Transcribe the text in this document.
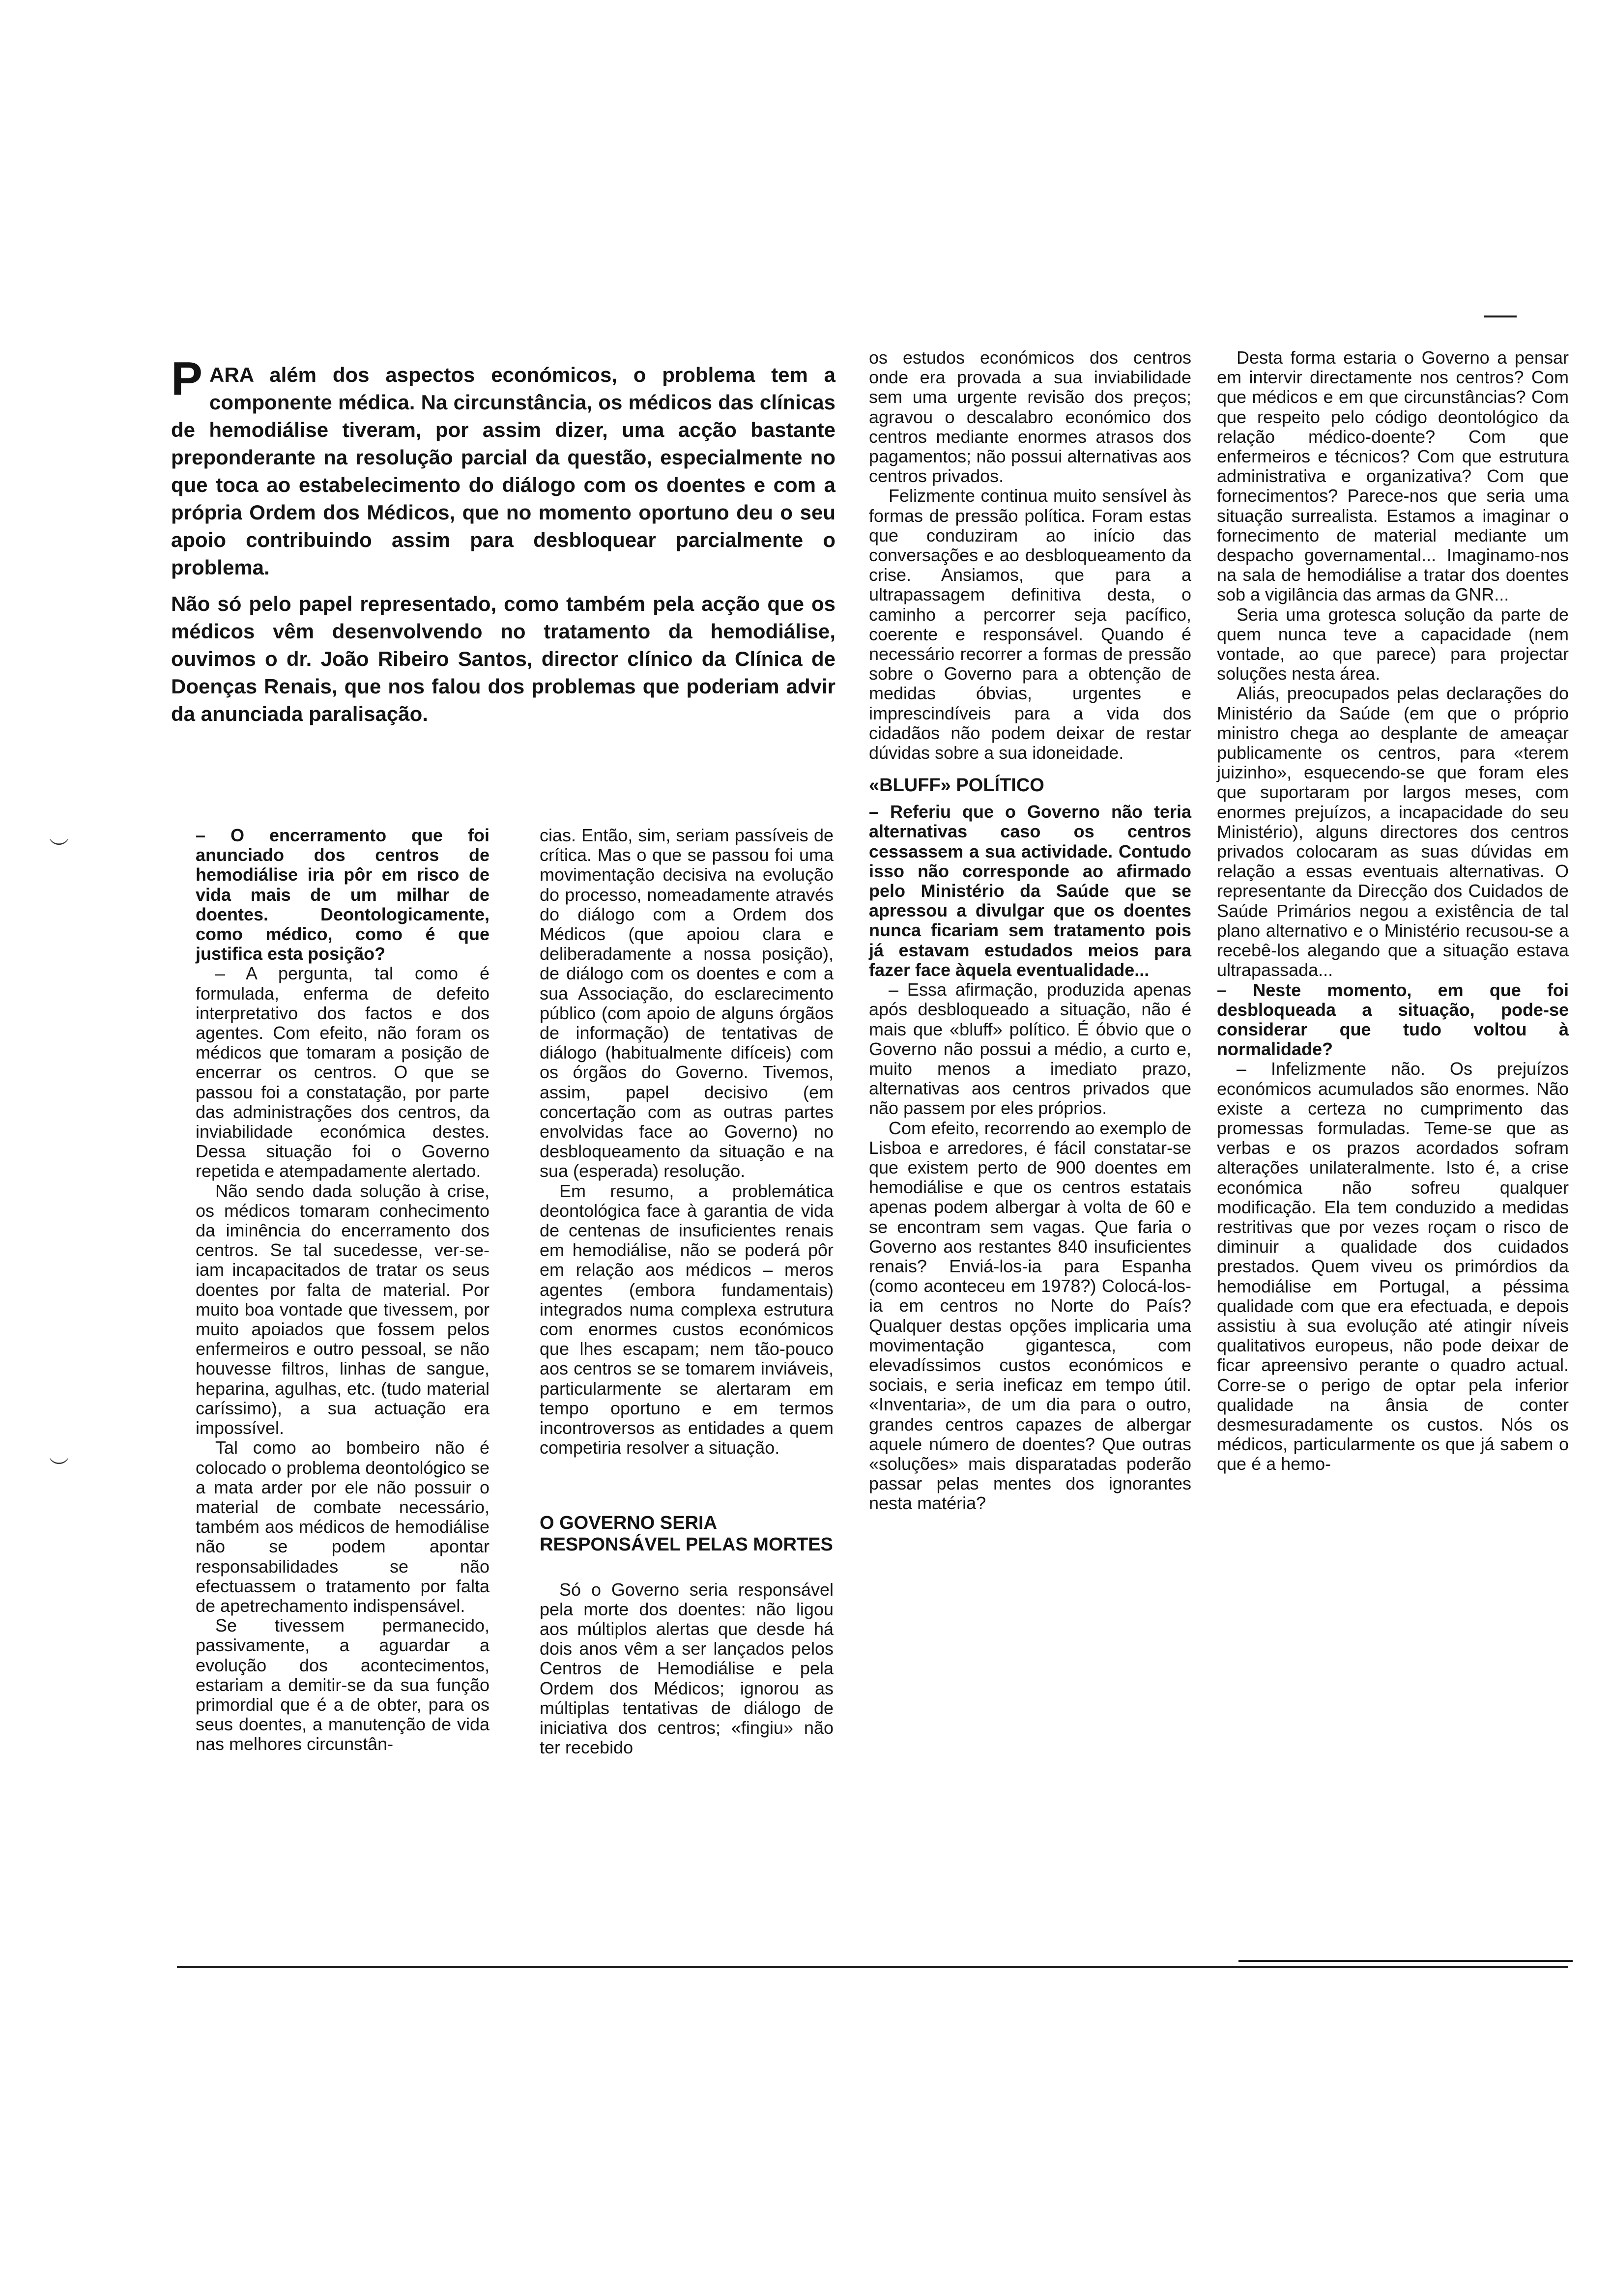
︶
︶

PARA além dos aspectos económicos, o problema tem a componente médica. Na circunstância, os médicos das clínicas de hemodiálise tiveram, por assim dizer, uma acção bastante preponderante na resolução parcial da questão, especialmente no que toca ao estabelecimento do diálogo com os doentes e com a própria Ordem dos Médicos, que no momento oportuno deu o seu apoio contribuindo assim para desbloquear parcialmente o problema.

Não só pelo papel representado, como também pela acção que os médicos vêm desenvolvendo no tratamento da hemodiálise, ouvimos o dr. João Ribeiro Santos, director clínico da Clínica de Doenças Renais, que nos falou dos problemas que poderiam advir da anunciada paralisação.

– O encerramento que foi anunciado dos centros de hemodiálise iria pôr em risco de vida mais de um milhar de doentes. Deontologicamente, como médico, como é que justifica esta posição?

– A pergunta, tal como é formulada, enferma de defeito interpretativo dos factos e dos agentes. Com efeito, não foram os médicos que tomaram a posição de encerrar os centros. O que se passou foi a constatação, por parte das administrações dos centros, da inviabilidade económica destes. Dessa situação foi o Governo repetida e atempadamente alertado.

Não sendo dada solução à crise, os médicos tomaram conhecimento da iminência do encerramento dos centros. Se tal sucedesse, ver-se-iam incapacitados de tratar os seus doentes por falta de material. Por muito boa vontade que tivessem, por muito apoiados que fossem pelos enfermeiros e outro pessoal, se não houvesse filtros, linhas de sangue, heparina, agulhas, etc. (tudo material caríssimo), a sua actuação era impossível.

Tal como ao bombeiro não é colocado o problema deontológico se a mata arder por ele não possuir o material de combate necessário, também aos médicos de hemodiálise não se podem apontar responsabilidades se não efectuassem o tratamento por falta de apetrechamento indispensável.

Se tivessem permanecido, passivamente, a aguardar a evolução dos acontecimentos, estariam a demitir-se da sua função primordial que é a de obter, para os seus doentes, a manutenção de vida nas melhores circunstân-

cias. Então, sim, seriam passíveis de crítica. Mas o que se passou foi uma movimentação decisiva na evolução do processo, nomeadamente através do diálogo com a Ordem dos Médicos (que apoiou clara e deliberadamente a nossa posição), de diálogo com os doentes e com a sua Associação, do esclarecimento público (com apoio de alguns órgãos de informação) de tentativas de diálogo (habitualmente difíceis) com os órgãos do Governo. Tivemos, assim, papel decisivo (em concertação com as outras partes envolvidas face ao Governo) no desbloqueamento da situação e na sua (esperada) resolução.

Em resumo, a problemática deontológica face à garantia de vida de centenas de insuficientes renais em hemodiálise, não se poderá pôr em relação aos médicos – meros agentes (embora fundamentais) integrados numa complexa estrutura com enormes custos económicos que lhes escapam; nem tão-pouco aos centros se se tomarem inviáveis, particularmente se alertaram em tempo oportuno e em termos incontroversos as entidades a quem competiria resolver a situação.

O GOVERNO SERIA RESPONSÁVEL PELAS MORTES

Só o Governo seria responsável pela morte dos doentes: não ligou aos múltiplos alertas que desde há dois anos vêm a ser lançados pelos Centros de Hemodiálise e pela Ordem dos Médicos; ignorou as múltiplas tentativas de diálogo de iniciativa dos centros; «fingiu» não ter recebido

os estudos económicos dos centros onde era provada a sua inviabilidade sem uma urgente revisão dos preços; agravou o descalabro económico dos centros mediante enormes atrasos dos pagamentos; não possui alternativas aos centros privados.

Felizmente continua muito sensível às formas de pressão política. Foram estas que conduziram ao início das conversações e ao desbloqueamento da crise. Ansiamos, que para a ultrapassagem definitiva desta, o caminho a percorrer seja pacífico, coerente e responsável. Quando é necessário recorrer a formas de pressão sobre o Governo para a obtenção de medidas óbvias, urgentes e imprescindíveis para a vida dos cidadãos não podem deixar de restar dúvidas sobre a sua idoneidade.

«BLUFF» POLÍTICO

– Referiu que o Governo não teria alternativas caso os centros cessassem a sua actividade. Contudo isso não corresponde ao afirmado pelo Ministério da Saúde que se apressou a divulgar que os doentes nunca ficariam sem tratamento pois já estavam estudados meios para fazer face àquela eventualidade...

– Essa afirmação, produzida apenas após desbloqueado a situação, não é mais que «bluff» político. É óbvio que o Governo não possui a médio, a curto e, muito menos a imediato prazo, alternativas aos centros privados que não passem por eles próprios.

Com efeito, recorrendo ao exemplo de Lisboa e arredores, é fácil constatar-se que existem perto de 900 doentes em hemodiálise e que os centros estatais apenas podem albergar à volta de 60 e se encontram sem vagas. Que faria o Governo aos restantes 840 insuficientes renais? Enviá-los-ia para Espanha (como aconteceu em 1978?) Colocá-los-ia em centros no Norte do País? Qualquer destas opções implicaria uma movimentação gigantesca, com elevadíssimos custos económicos e sociais, e seria ineficaz em tempo útil. «Inventaria», de um dia para o outro, grandes centros capazes de albergar aquele número de doentes? Que outras «soluções» mais disparatadas poderão passar pelas mentes dos ignorantes nesta matéria?

Desta forma estaria o Governo a pensar em intervir directamente nos centros? Com que médicos e em que circunstâncias? Com que respeito pelo código deontológico da relação médico-doente? Com que enfermeiros e técnicos? Com que estrutura administrativa e organizativa? Com que fornecimentos? Parece-nos que seria uma situação surrealista. Estamos a imaginar o fornecimento de material mediante um despacho governamental... Imaginamo-nos na sala de hemodiálise a tratar dos doentes sob a vigilância das armas da GNR...

Seria uma grotesca solução da parte de quem nunca teve a capacidade (nem vontade, ao que parece) para projectar soluções nesta área.

Aliás, preocupados pelas declarações do Ministério da Saúde (em que o próprio ministro chega ao desplante de ameaçar publicamente os centros, para «terem juizinho», esquecendo-se que foram eles que suportaram por largos meses, com enormes prejuízos, a incapacidade do seu Ministério), alguns directores dos centros privados colocaram as suas dúvidas em relação a essas eventuais alternativas. O representante da Direcção dos Cuidados de Saúde Primários negou a existência de tal plano alternativo e o Ministério recusou-se a recebê-los alegando que a situação estava ultrapassada...

– Neste momento, em que foi desbloqueada a situação, pode-se considerar que tudo voltou à normalidade?

– Infelizmente não. Os prejuízos económicos acumulados são enormes. Não existe a certeza no cumprimento das promessas formuladas. Teme-se que as verbas e os prazos acordados sofram alterações unilateralmente. Isto é, a crise económica não sofreu qualquer modificação. Ela tem conduzido a medidas restritivas que por vezes roçam o risco de diminuir a qualidade dos cuidados prestados. Quem viveu os primórdios da hemodiálise em Portugal, a péssima qualidade com que era efectuada, e depois assistiu à sua evolução até atingir níveis qualitativos europeus, não pode deixar de ficar apreensivo perante o quadro actual. Corre-se o perigo de optar pela inferior qualidade na ânsia de conter desmesuradamente os custos. Nós os médicos, particularmente os que já sabem o que é a hemo-
